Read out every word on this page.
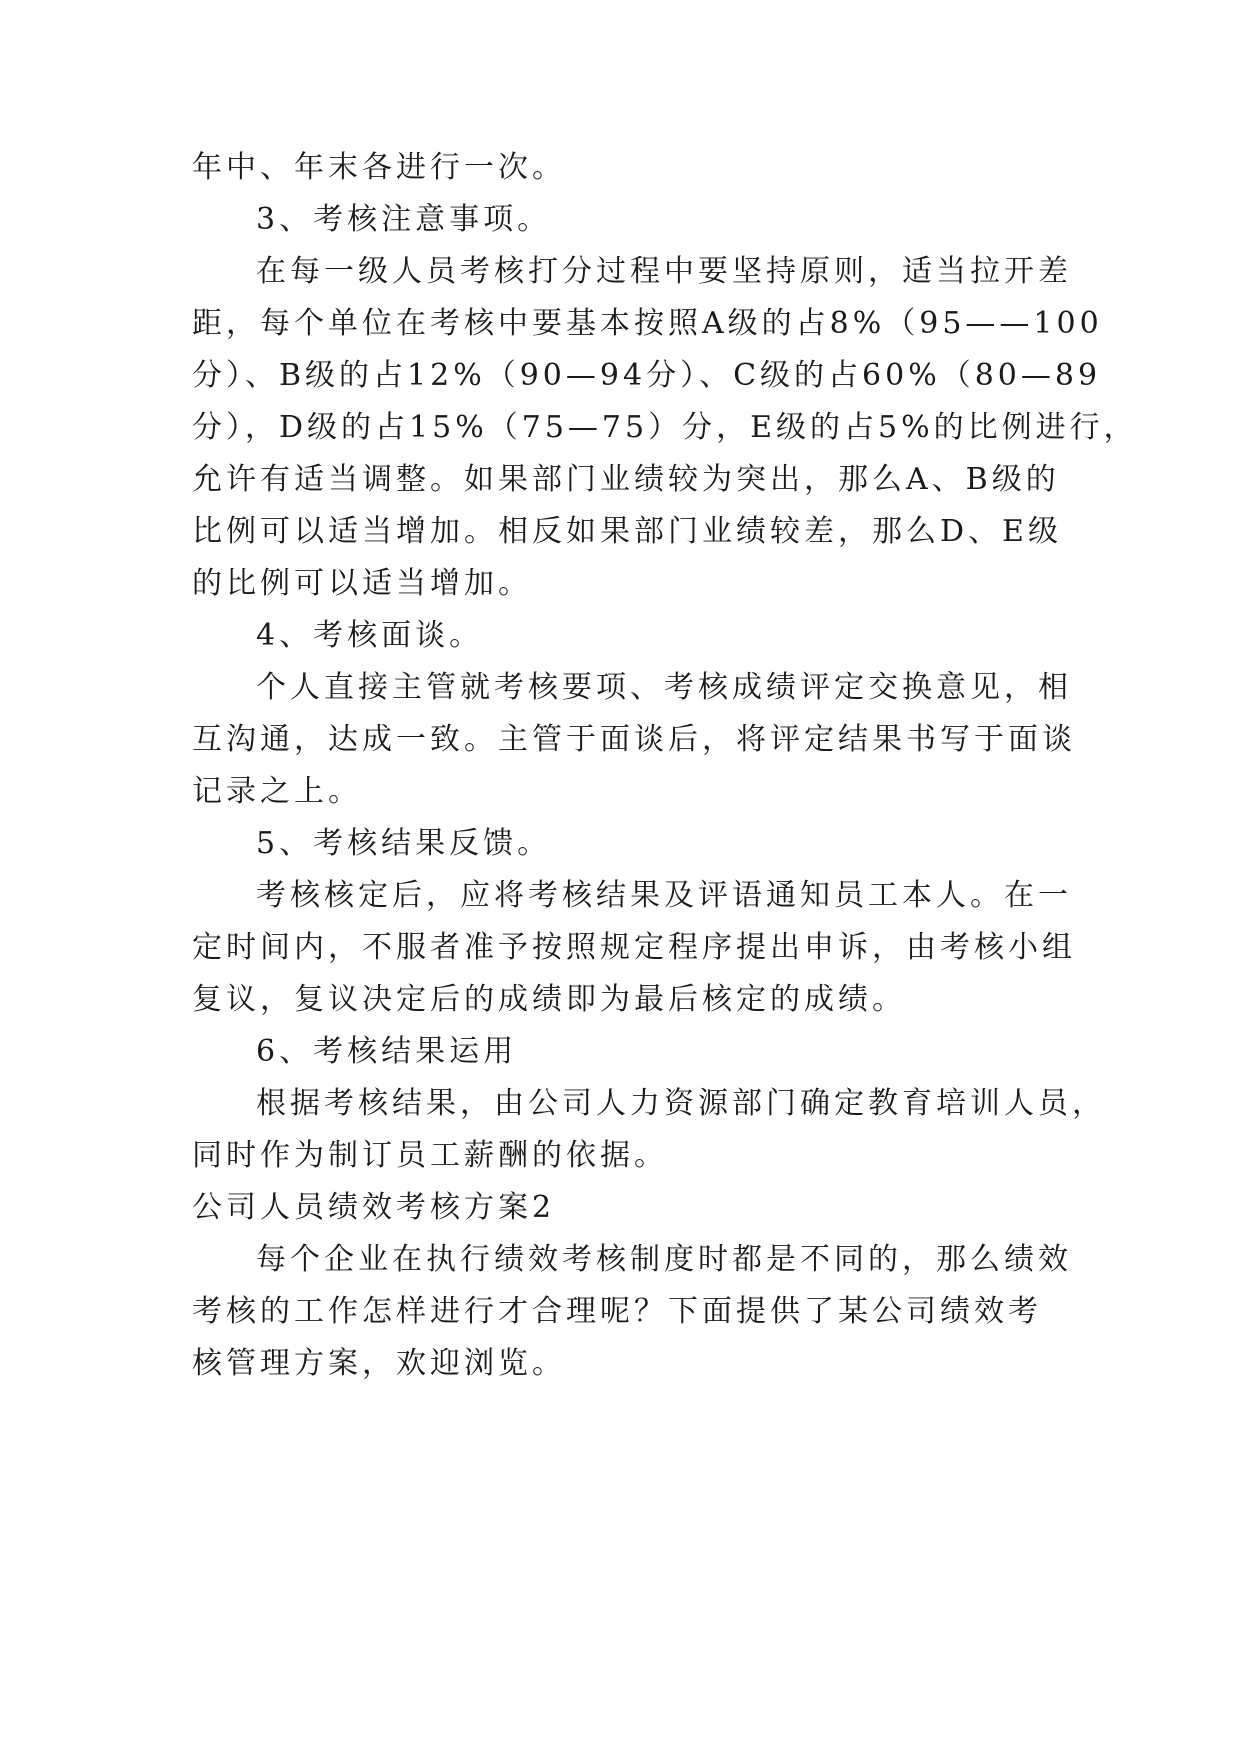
年中、年末各进行一次。

3、考核注意事项。

在每一级人员考核打分过程中要坚持原则，适当拉开差

距，每个单位在考核中要基本按照A级的占8%（95——100

分）、B级的占12%（90—94分）、C级的占60%（80—89

分），D级的占15%（75—75）分，E级的占5%的比例进行，

允许有适当调整。如果部门业绩较为突出，那么A、B级的

比例可以适当增加。相反如果部门业绩较差，那么D、E级

的比例可以适当增加。

4、考核面谈。

个人直接主管就考核要项、考核成绩评定交换意见，相

互沟通，达成一致。主管于面谈后，将评定结果书写于面谈

记录之上。

5、考核结果反馈。

考核核定后，应将考核结果及评语通知员工本人。在一

定时间内，不服者准予按照规定程序提出申诉，由考核小组

复议，复议决定后的成绩即为最后核定的成绩。

6、考核结果运用

根据考核结果，由公司人力资源部门确定教育培训人员，

同时作为制订员工薪酬的依据。

公司人员绩效考核方案2

每个企业在执行绩效考核制度时都是不同的，那么绩效

考核的工作怎样进行才合理呢？下面提供了某公司绩效考

核管理方案，欢迎浏览。
